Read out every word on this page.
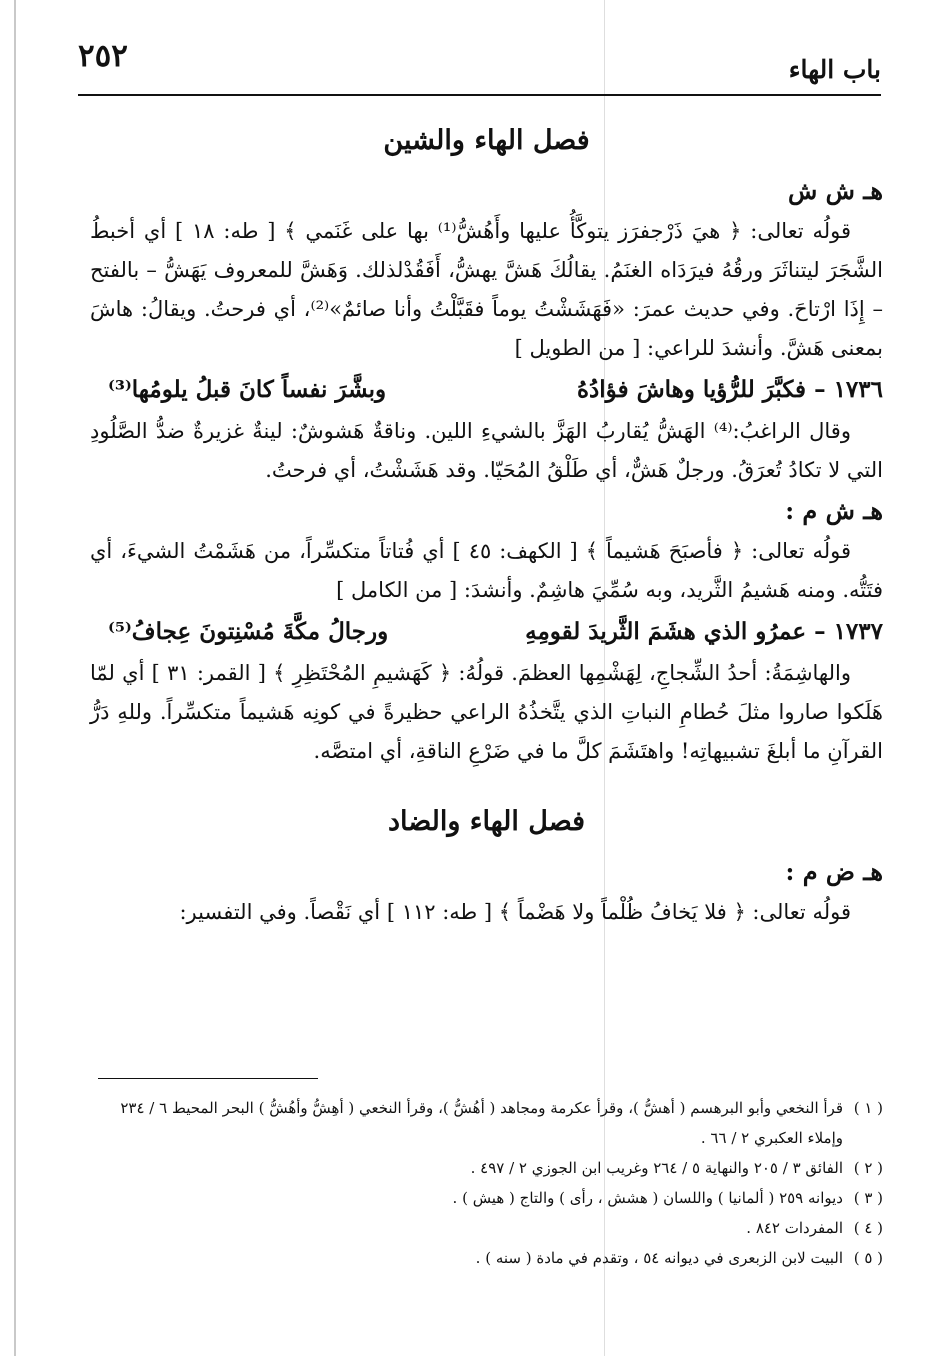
٢٥٢	باب الهاء
فصل الهاء والشين
هـ ش ش

قولُه تعالى: ﴿ هيَ ذَرْجفرَز يتوكَّأُ عليها وأَهُشُّ⁽¹⁾ بها على غَنَمي ﴾ [ طه: ١٨ ] أي أخبطُ الشَّجَرَ ليتناثَرَ ورقُهُ فيرَدَاه الغنَمُ. يقالُكَ هَشَّ يهشُّ، أَفَقُدْلذلك. وَهَشَّ للمعروف يَهَشُّ – بالفتح – إِذَا ارْتاحَ. وفي حديث عمرَ: «فَهَشَشْتُ يوماً فقَبَّلْتُ وأنا صائمٌ»⁽²⁾، أي فرحتُ. ويقالُ: هاشَ بمعنى هَشَّ. وأنشدَ للراعي: [ من الطويل ]

١٧٣٦ – فكبَّرَ للرُّؤيا وهاشَ فؤادُهُ
وبشَّرَ نفساً كانَ قبلُ يلومُها⁽³⁾

وقال الراغبُ:⁽⁴⁾ الهَشُّ يُقاربُ الهَزَّ بالشيءِ اللين. وناقةٌ هَشوشٌ: لينةٌ غزيرةٌ ضدُّ الصَّلُودِ التي لا تكادُ تُعرَقُ. ورجلٌ هَشٌّ، أي طَلْقُ المُحَيّا. وقد هَشَشْتُ، أي فرحتُ.

هـ ش م :

قولُه تعالى: ﴿ فأصبَحَ هَشيماً ﴾ [ الكهف: ٤٥ ] أي فُتاتاً متكسِّراً، من هَشَمْتُ الشيءَ، أي فتَتُّه. ومنه هَشيمُ الثَّريد، وبه سُمِّيَ هاشِمٌ. وأنشدَ: [ من الكامل ]

١٧٣٧ – عمرُو الذي هشَمَ الثَّريدَ لقومِهِ
ورجالُ مكَّةَ مُسْنِتونَ عِجافُ⁽⁵⁾

والهاشِمَةُ: أحدُ الشِّجاجِ، لِهَشْمِها العظمَ. قولُهُ: ﴿ كَهَشيمِ المُحْتَظِرِ ﴾ [ القمر: ٣١ ] أي لمّا هَلَكوا صاروا مثلَ حُطامِ النباتِ الذي يتَّخذُهُ الراعي حظيرةً في كونِه هَشيماً متكسِّراً. وللهِ دَرُّ القرآنِ ما أبلغَ تشبيهاتِه! واهتَشَمَ كلَّ ما في ضَرْعِ الناقةِ، أي امتصَّه.

فصل الهاء والضاد
هـ ض م :

قولُه تعالى: ﴿ فلا يَخافُ ظُلْماً ولا هَضْماً ﴾ [ طه: ١١٢ ] أي نَقْصاً. وفي التفسير:

( ١ )
قرأ النخعي وأبو البرهسم ( أهشُّ )، وقرأ عكرمة ومجاهد ( أهُشُّ )، وقرأ النخعي ( أهِشُّ وأهُشُّ ) البحر المحيط ٦ / ٢٣٤ وإملاء العكبري ٢ / ٦٦ .

( ٢ )
الفائق ٣ / ٢٠٥ والنهاية ٥ / ٢٦٤ وغريب ابن الجوزي ٢ / ٤٩٧ .

( ٣ )
ديوانه ٢٥٩ ( ألمانيا ) واللسان ( هشش ، رأى ) والتاج ( هيش ) .

( ٤ )
المفردات ٨٤٢ .

( ٥ )
البيت لابن الزبعرى في ديوانه ٥٤ ، وتقدم في مادة ( سنه ) .
